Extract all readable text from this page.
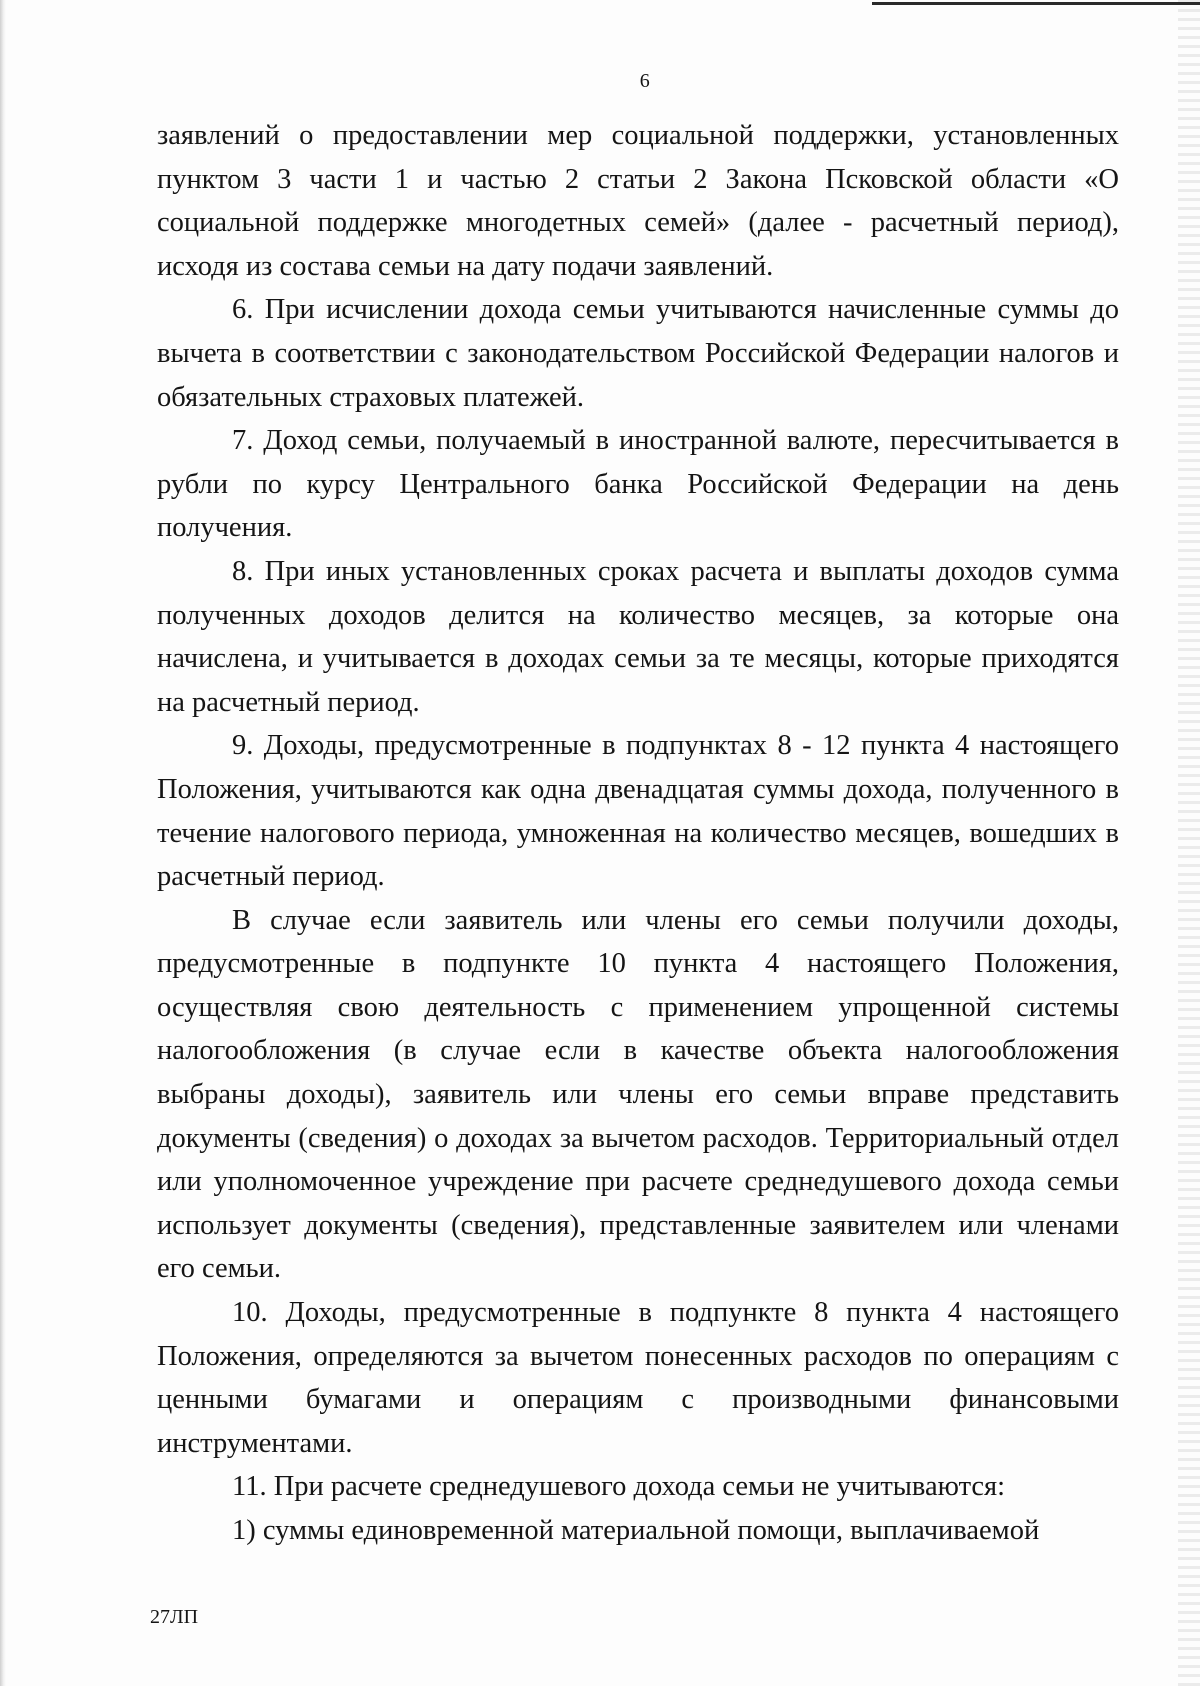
6

заявлений о предоставлении мер социальной поддержки, установленных пунктом 3 части 1 и частью 2 статьи 2 Закона Псковской области «О социальной поддержке многодетных семей» (далее - расчетный период), исходя из состава семьи на дату подачи заявлений.

6. При исчислении дохода семьи учитываются начисленные суммы до вычета в соответствии с законодательством Российской Федерации налогов и обязательных страховых платежей.

7. Доход семьи, получаемый в иностранной валюте, пересчитывается в рубли по курсу Центрального банка Российской Федерации на день получения.

8. При иных установленных сроках расчета и выплаты доходов сумма полученных доходов делится на количество месяцев, за которые она начислена, и учитывается в доходах семьи за те месяцы, которые приходятся на расчетный период.

9. Доходы, предусмотренные в подпунктах 8 - 12 пункта 4 настоящего Положения, учитываются как одна двенадцатая суммы дохода, полученного в течение налогового периода, умноженная на количество месяцев, вошедших в расчетный период.

В случае если заявитель или члены его семьи получили доходы, предусмотренные в подпункте 10 пункта 4 настоящего Положения, осуществляя свою деятельность с применением упрощенной системы налогообложения (в случае если в качестве объекта налогообложения выбраны доходы), заявитель или члены его семьи вправе представить документы (сведения) о доходах за вычетом расходов. Территориальный отдел или уполномоченное учреждение при расчете среднедушевого дохода семьи использует документы (сведения), представленные заявителем или членами его семьи.

10. Доходы, предусмотренные в подпункте 8 пункта 4 настоящего Положения, определяются за вычетом понесенных расходов по операциям с ценными бумагами и операциям с производными финансовыми инструментами.

11. При расчете среднедушевого дохода семьи не учитываются:

1) суммы единовременной материальной помощи, выплачиваемой

27ЛП
